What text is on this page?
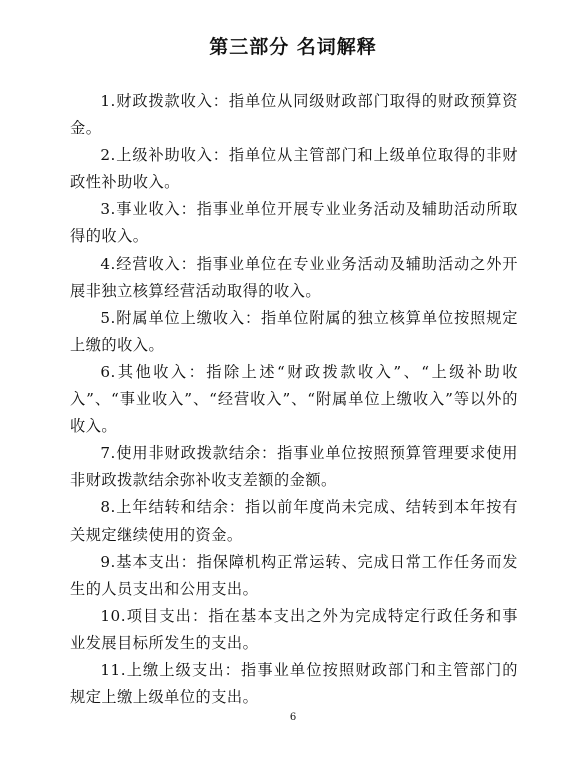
第三部分 名词解释

1.财政拨款收入：指单位从同级财政部门取得的财政预算资金。

2.上级补助收入：指单位从主管部门和上级单位取得的非财政性补助收入。

3.事业收入：指事业单位开展专业业务活动及辅助活动所取得的收入。

4.经营收入：指事业单位在专业业务活动及辅助活动之外开展非独立核算经营活动取得的收入。

5.附属单位上缴收入：指单位附属的独立核算单位按照规定上缴的收入。

6.其他收入：指除上述“财政拨款收入”、“上级补助收入”、“事业收入”、“经营收入”、“附属单位上缴收入”等以外的收入。

7.使用非财政拨款结余：指事业单位按照预算管理要求使用非财政拨款结余弥补收支差额的金额。

8.上年结转和结余：指以前年度尚未完成、结转到本年按有关规定继续使用的资金。

9.基本支出：指保障机构正常运转、完成日常工作任务而发生的人员支出和公用支出。

10.项目支出：指在基本支出之外为完成特定行政任务和事业发展目标所发生的支出。

11.上缴上级支出：指事业单位按照财政部门和主管部门的规定上缴上级单位的支出。

6
